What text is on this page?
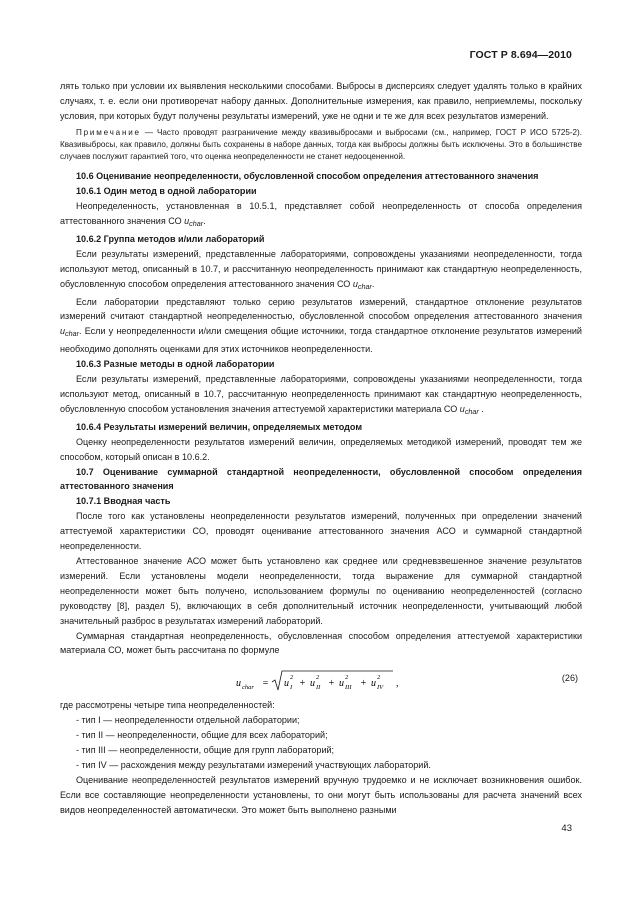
ГОСТ Р 8.694—2010

лять только при условии их выявления несколькими способами. Выбросы в дисперсиях следует удалять только в крайних случаях, т. е. если они противоречат набору данных. Дополнительные измерения, как правило, неприемлемы, поскольку условия, при которых будут получены результаты измерений, уже не одни и те же для всех результатов измерений.

Примечание — Часто проводят разграничение между квазивыбросами и выбросами (см., например, ГОСТ Р ИСО 5725-2). Квазивыбросы, как правило, должны быть сохранены в наборе данных, тогда как выбросы должны быть исключены. Это в большинстве случаев послужит гарантией того, что оценка неопределенности не станет недооцененной.

10.6 Оценивание неопределенности, обусловленной способом определения аттестованного значения

10.6.1 Один метод в одной лаборатории

Неопределенность, установленная в 10.5.1, представляет собой неопределенность от способа определения аттестованного значения СО $u_{char}$.

10.6.2 Группа методов и/или лабораторий

Если результаты измерений, представленные лабораториями, сопровождены указаниями неопределенности, тогда используют метод, описанный в 10.7, и рассчитанную неопределенность принимают как стандартную неопределенность, обусловленную способом определения аттестованного значения СО $u_{char}$.

Если лаборатории представляют только серию результатов измерений, стандартное отклонение результатов измерений считают стандартной неопределенностью, обусловленной способом определения аттестованного значения $u_{char}$. Если у неопределенности и/или смещения общие источники, тогда стандартное отклонение результатов измерений необходимо дополнять оценками для этих источников неопределенности.

10.6.3 Разные методы в одной лаборатории

Если результаты измерений, представленные лабораториями, сопровождены указаниями неопределенности, тогда используют метод, описанный в 10.7, рассчитанную неопределенность принимают как стандартную неопределенность, обусловленную способом установления значения аттестуемой характеристики материала СО $u_{char}$ .

10.6.4 Результаты измерений величин, определяемых методом

Оценку неопределенности результатов измерений величин, определяемых методикой измерений, проводят тем же способом, который описан в 10.6.2.

10.7 Оценивание суммарной стандартной неопределенности, обусловленной способом определения аттестованного значения

10.7.1 Вводная часть

После того как установлены неопределенности результатов измерений, полученных при определении значений аттестуемой характеристики СО, проводят оценивание аттестованного значения АСО и суммарной стандартной неопределенности.

Аттестованное значение АСО может быть установлено как среднее или средневзвешенное значение результатов измерений. Если установлены модели неопределенности, тогда выражение для суммарной стандартной неопределенности может быть получено, использованием формулы по оцениванию неопределенностей (согласно руководству [8], раздел 5), включающих в себя дополнительный источник неопределенности, учитывающий любой значительный разброс в результатах измерений лабораторий.

Суммарная стандартная неопределенность, обусловленная способом определения аттестуемой характеристики материала СО, может быть рассчитана по формуле

u char = u
2
I + u
2
II + u
2
III + u
2
IV ,	(26)

где рассмотрены четыре типа неопределенностей:

- тип I — неопределенности отдельной лаборатории;

- тип II — неопределенности, общие для всех лабораторий;

- тип III — неопределенности, общие для групп лабораторий;

- тип IV — расхождения между результатами измерений участвующих лабораторий.

Оценивание неопределенностей результатов измерений вручную трудоемко и не исключает возникновения ошибок. Если все составляющие неопределенности установлены, то они могут быть использованы для расчета значений всех видов неопределенностей автоматически. Это может быть выполнено разными

43
